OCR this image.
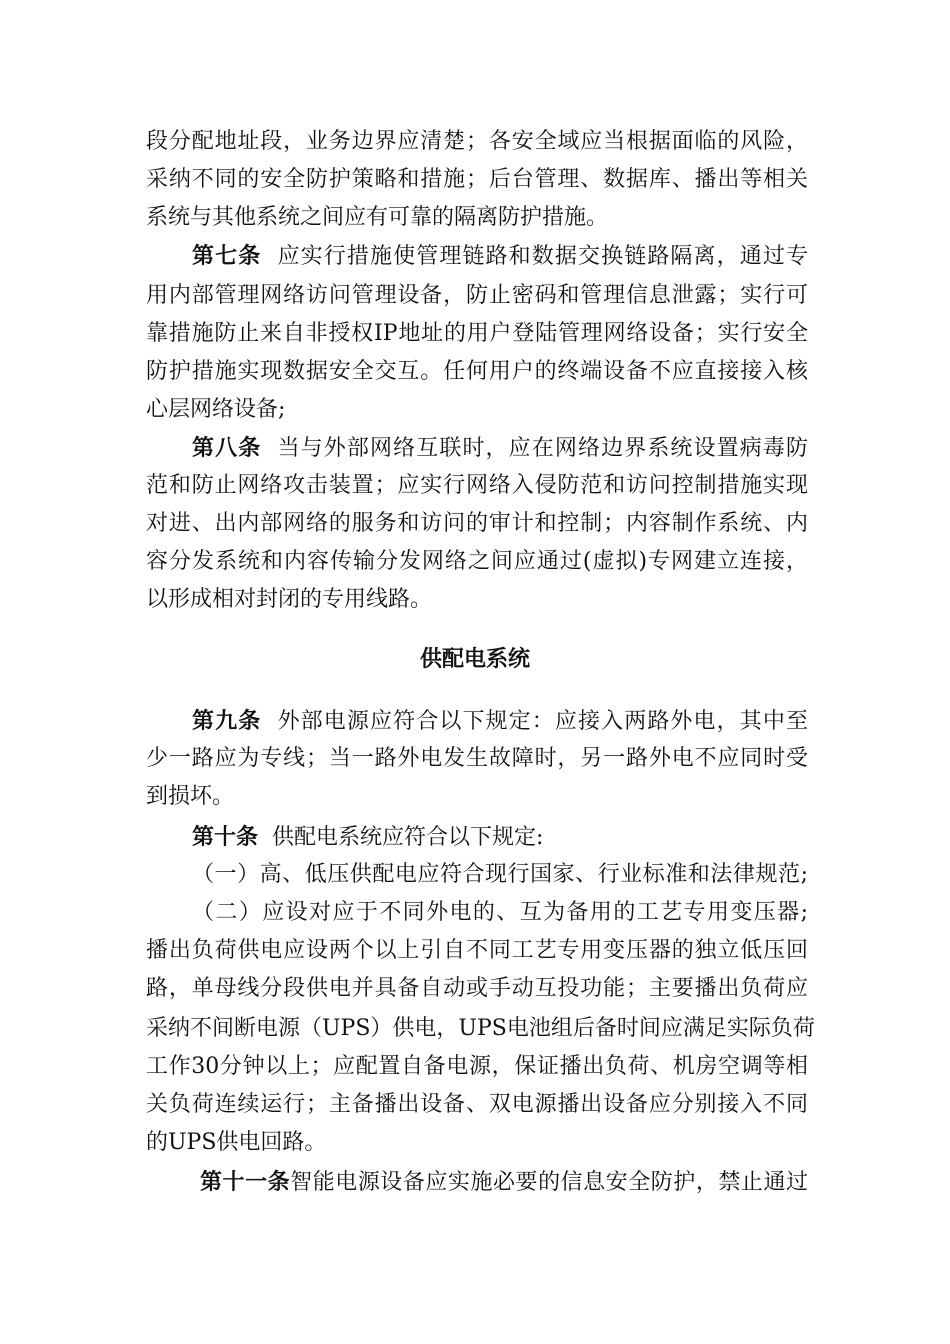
段分配地址段，业务边界应清楚；各安全域应当根据面临的风险，
采纳不同的安全防护策略和措施；后台管理、数据库、播出等相关
系统与其他系统之间应有可靠的隔离防护措施。
第七条 应实行措施使管理链路和数据交换链路隔离，通过专
用内部管理网络访问管理设备，防止密码和管理信息泄露；实行可
靠措施防止来自非授权IP地址的用户登陆管理网络设备；实行安全
防护措施实现数据安全交互。任何用户的终端设备不应直接接入核
心层网络设备;
第八条 当与外部网络互联时，应在网络边界系统设置病毒防
范和防止网络攻击装置；应实行网络入侵防范和访问控制措施实现
对进、出内部网络的服务和访问的审计和控制；内容制作系统、内
容分发系统和内容传输分发网络之间应通过(虚拟)专网建立连接，
以形成相对封闭的专用线路。
供配电系统
第九条 外部电源应符合以下规定：应接入两路外电，其中至
少一路应为专线；当一路外电发生故障时，另一路外电不应同时受
到损坏。
第十条 供配电系统应符合以下规定:
（一）高、低压供配电应符合现行国家、行业标准和法律规范;
（二）应设对应于不同外电的、互为备用的工艺专用变压器;
播出负荷供电应设两个以上引自不同工艺专用变压器的独立低压回
路，单母线分段供电并具备自动或手动互投功能；主要播出负荷应
采纳不间断电源（UPS）供电，UPS电池组后备时间应满足实际负荷
工作30分钟以上；应配置自备电源，保证播出负荷、机房空调等相
关负荷连续运行；主备播出设备、双电源播出设备应分别接入不同
的UPS供电回路。
第十一条智能电源设备应实施必要的信息安全防护，禁止通过
